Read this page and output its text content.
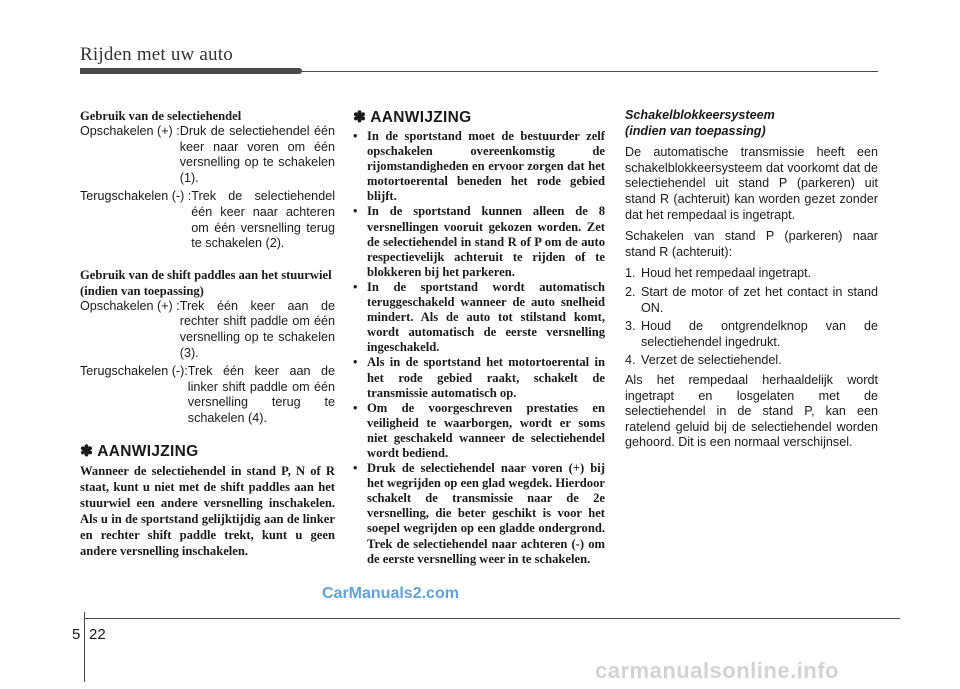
Rijden met uw auto
Gebruik van de selectiehendel
Opschakelen (+) : Druk de selectiehendel één keer naar voren om één versnelling op te schakelen (1).
Terugschakelen (-) : Trek de selectiehendel één keer naar achteren om één versnelling terug te schakelen (2).
Gebruik van de shift paddles aan het stuurwiel (indien van toepassing)
Opschakelen (+) : Trek één keer aan de rechter shift paddle om één versnelling op te schakelen (3).
Terugschakelen (-): Trek één keer aan de linker shift paddle om één versnelling terug te schakelen (4).
✽ AANWIJZING
Wanneer de selectiehendel in stand P, N of R staat, kunt u niet met de shift paddles aan het stuurwiel een andere versnelling inschakelen. Als u in de sportstand gelijktijdig aan de linker en rechter shift paddle trekt, kunt u geen andere versnelling inschakelen.
✽ AANWIJZING
• In de sportstand moet de bestuurder zelf opschakelen overeenkomstig de rijomstandigheden en ervoor zorgen dat het motortoerental beneden het rode gebied blijft.
• In de sportstand kunnen alleen de 8 versnellingen vooruit gekozen worden. Zet de selectiehendel in stand R of P om de auto respectievelijk achteruit te rijden of te blokkeren bij het parkeren.
• In de sportstand wordt automatisch teruggeschakeld wanneer de auto snelheid mindert. Als de auto tot stilstand komt, wordt automatisch de eerste versnelling ingeschakeld.
• Als in de sportstand het motortoerental in het rode gebied raakt, schakelt de transmissie automatisch op.
• Om de voorgeschreven prestaties en veiligheid te waarborgen, wordt er soms niet geschakeld wanneer de selectiehendel wordt bediend.
• Druk de selectiehendel naar voren (+) bij het wegrijden op een glad wegdek. Hierdoor schakelt de transmissie naar de 2e versnelling, die beter geschikt is voor het soepel wegrijden op een gladde ondergrond. Trek de selectiehendel naar achteren (-) om de eerste versnelling weer in te schakelen.
Schakelblokkeersysteem
(indien van toepassing)
De automatische transmissie heeft een schakelblokkeersysteem dat voorkomt dat de selectiehendel uit stand P (parkeren) uit stand R (achteruit) kan worden gezet zonder dat het rempedaal is ingetrapt.
Schakelen van stand P (parkeren) naar stand R (achteruit):
1. Houd het rempedaal ingetrapt.
2. Start de motor of zet het contact in stand ON.
3. Houd de ontgrendelknop van de selectiehendel ingedrukt.
4. Verzet de selectiehendel.
Als het rempedaal herhaaldelijk wordt ingetrapt en losgelaten met de selectiehendel in de stand P, kan een ratelend geluid bij de selectiehendel worden gehoord. Dit is een normaal verschijnsel.
5 22
CarManuals2.com
carmanualsonline.info
